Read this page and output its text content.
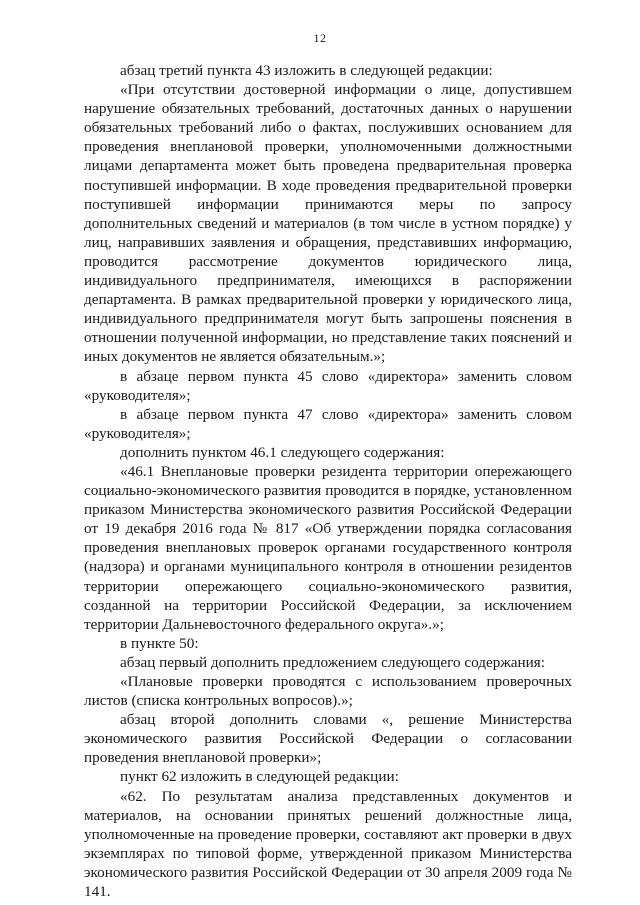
12

абзац третий пункта 43 изложить в следующей редакции:

«При отсутствии достоверной информации о лице, допустившем нарушение обязательных требований, достаточных данных о нарушении обязательных требований либо о фактах, послуживших основанием для проведения внеплановой проверки, уполномоченными должностными лицами департамента может быть проведена предварительная проверка поступившей информации. В ходе проведения предварительной проверки поступившей информации принимаются меры по запросу дополнительных сведений и материалов (в том числе в устном порядке) у лиц, направивших заявления и обращения, представивших информацию, проводится рассмотрение документов юридического лица, индивидуального предпринимателя, имеющихся в распоряжении департамента. В рамках предварительной проверки у юридического лица, индивидуального предпринимателя могут быть запрошены пояснения в отношении полученной информации, но представление таких пояснений и иных документов не является обязательным.»;

в абзаце первом пункта 45 слово «директора» заменить словом «руководителя»;

в абзаце первом пункта 47 слово «директора» заменить словом «руководителя»;

дополнить пунктом 46.1 следующего содержания:

«46.1 Внеплановые проверки резидента территории опережающего социально-экономического развития проводится в порядке, установленном приказом Министерства экономического развития Российской Федерации от 19 декабря 2016 года № 817 «Об утверждении порядка согласования проведения внеплановых проверок органами государственного контроля (надзора) и органами муниципального контроля в отношении резидентов территории опережающего социально-экономического развития, созданной на территории Российской Федерации, за исключением территории Дальневосточного федерального округа».»;

в пункте 50:

абзац первый дополнить предложением следующего содержания:

«Плановые проверки проводятся с использованием проверочных листов (списка контрольных вопросов).»;

абзац второй дополнить словами «, решение Министерства экономического развития Российской Федерации о согласовании проведения внеплановой проверки»;

пункт 62 изложить в следующей редакции:

«62. По результатам анализа представленных документов и материалов, на основании принятых решений должностные лица, уполномоченные на проведение проверки, составляют акт проверки в двух экземплярах по типовой форме, утвержденной приказом Министерства экономического развития Российской Федерации от 30 апреля 2009 года № 141.
